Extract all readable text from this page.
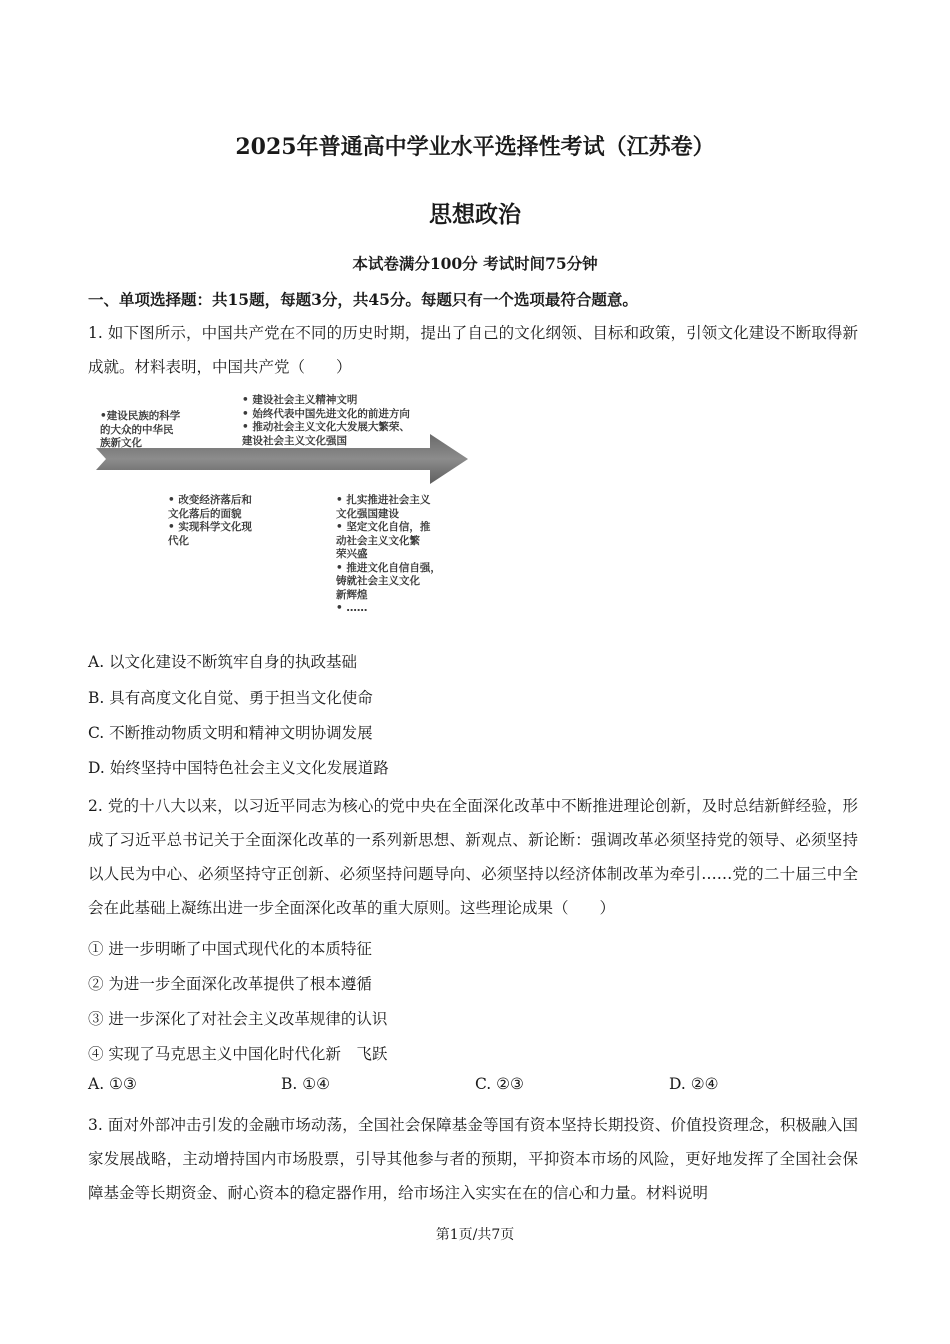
2025年普通高中学业水平选择性考试（江苏卷）
思想政治
本试卷满分100分 考试时间75分钟
一、单项选择题：共15题，每题3分，共45分。每题只有一个选项最符合题意。
1. 如下图所示，中国共产党在不同的历史时期，提出了自己的文化纲领、目标和政策，引领文化建设不断取得新成就。材料表明，中国共产党（　　）
•建设民族的科学
的大众的中华民
族新文化
• 建设社会主义精神文明
• 始终代表中国先进文化的前进方向
• 推动社会主义文化大发展大繁荣、
建设社会主义文化强国
• 改变经济落后和
文化落后的面貌
• 实现科学文化现
代化
• 扎实推进社会主义
文化强国建设
• 坚定文化自信，推
动社会主义文化繁
荣兴盛
• 推进文化自信自强，
铸就社会主义文化
新辉煌
• ……
A. 以文化建设不断筑牢自身的执政基础
B. 具有高度文化自觉、勇于担当文化使命
C. 不断推动物质文明和精神文明协调发展
D. 始终坚持中国特色社会主义文化发展道路
2. 党的十八大以来，以习近平同志为核心的党中央在全面深化改革中不断推进理论创新，及时总结新鲜经验，形成了习近平总书记关于全面深化改革的一系列新思想、新观点、新论断：强调改革必须坚持党的领导、必须坚持以人民为中心、必须坚持守正创新、必须坚持问题导向、必须坚持以经济体制改革为牵引……党的二十届三中全会在此基础上凝练出进一步全面深化改革的重大原则。这些理论成果（　　）
① 进一步明晰了中国式现代化的本质特征
② 为进一步全面深化改革提供了根本遵循
③ 进一步深化了对社会主义改革规律的认识
④ 实现了马克思主义中国化时代化新　飞跃
A. ①③	B. ①④	C. ②③	D. ②④
3. 面对外部冲击引发的金融市场动荡，全国社会保障基金等国有资本坚持长期投资、价值投资理念，积极融入国家发展战略，主动增持国内市场股票，引导其他参与者的预期，平抑资本市场的风险，更好地发挥了全国社会保障基金等长期资金、耐心资本的稳定器作用，给市场注入实实在在的信心和力量。材料说明
第1页/共7页
